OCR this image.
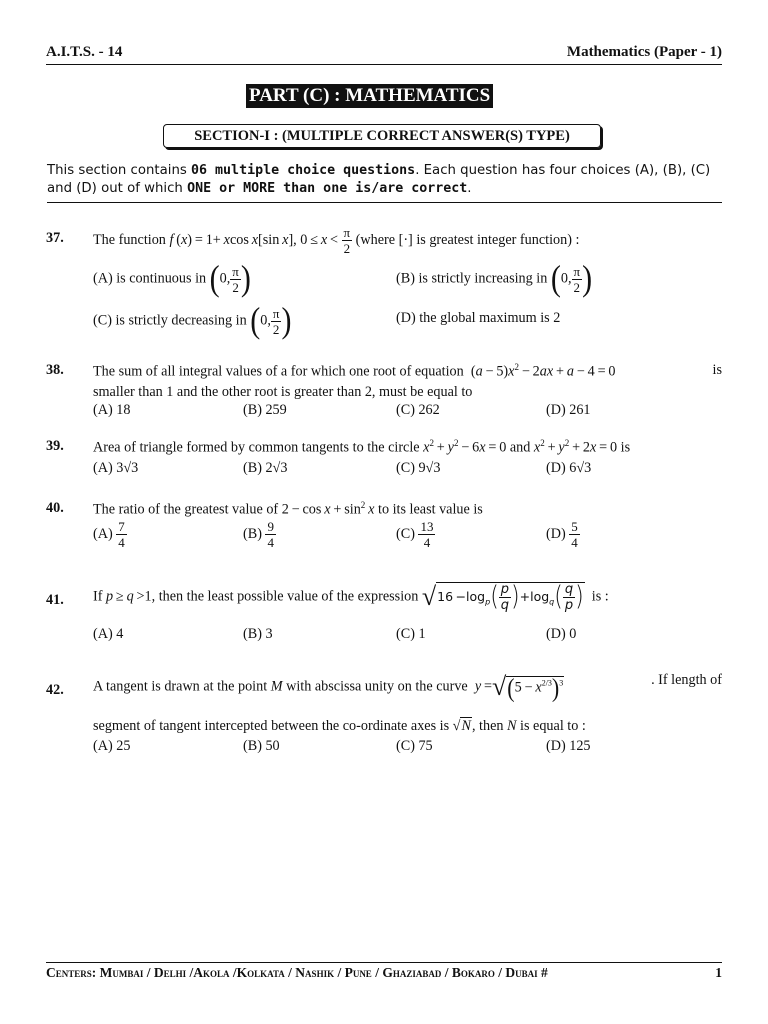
A.I.T.S. - 14	Mathematics (Paper - 1)
PART (C) : MATHEMATICS
SECTION-I : (MULTIPLE CORRECT ANSWER(S) TYPE)
This section contains 06 multiple choice questions. Each question has four choices (A), (B), (C) and (D) out of which ONE or MORE than one is/are correct.
37. The function f (x) = 1+ xcos x[sin x], $0 \le x < \frac{\pi}{2}$ (where [·] is greatest integer function) :
(A) is continuous in (0, $\frac{\pi}{2}$ )	(B) is strictly increasing in (0, $\frac{\pi}{2}$ )
(C) is strictly decreasing in (0, $\frac{\pi}{2}$ )	(D) the global maximum is 2
38. The sum of all integral values of a for which one root of equation  $(a - 5)x^2 - 2ax + a - 4 = 0$	is
smaller than 1 and the other root is greater than 2, must be equal to
(A) 18	(B) 259	(C) 262	(D) 261
39. Area of triangle formed by common tangents to the circle $x^2 + y^2 - 6x = 0$ and $x^2 + y^2 + 2x = 0$ is
(A) 3√3	(B) 2√3	(C) 9√3	(D) 6√3
40. The ratio of the greatest value of $2 - \cos x + \sin^2 x$ to its least value is
$(A) \frac{7}{4}$	$(B) \frac{9}{4}$	$(C) \frac{13}{4}$	$(D) \frac{5}{4}$
41. If p ≥ q >1, then the least possible value of the expression $√16 -\log_p( \frac{p}{q} )+\log_q( \frac{q}{p}$ ) is :
(A) 4	(B) 3	(C) 1	(D) 0
42. A tangent is drawn at the point M with abscissa unity on the curve $y =√(5 - x^{2/3})^3$	. If length of
segment of tangent intercepted between the co-ordinate axes is √N, then N is equal to :
(A) 25	(B) 50	(C) 75	(D) 125
Centers: Mumbai / Delhi /Akola /Kolkata / Nashik / Pune / Ghaziabad / Bokaro / Dubai #	1
